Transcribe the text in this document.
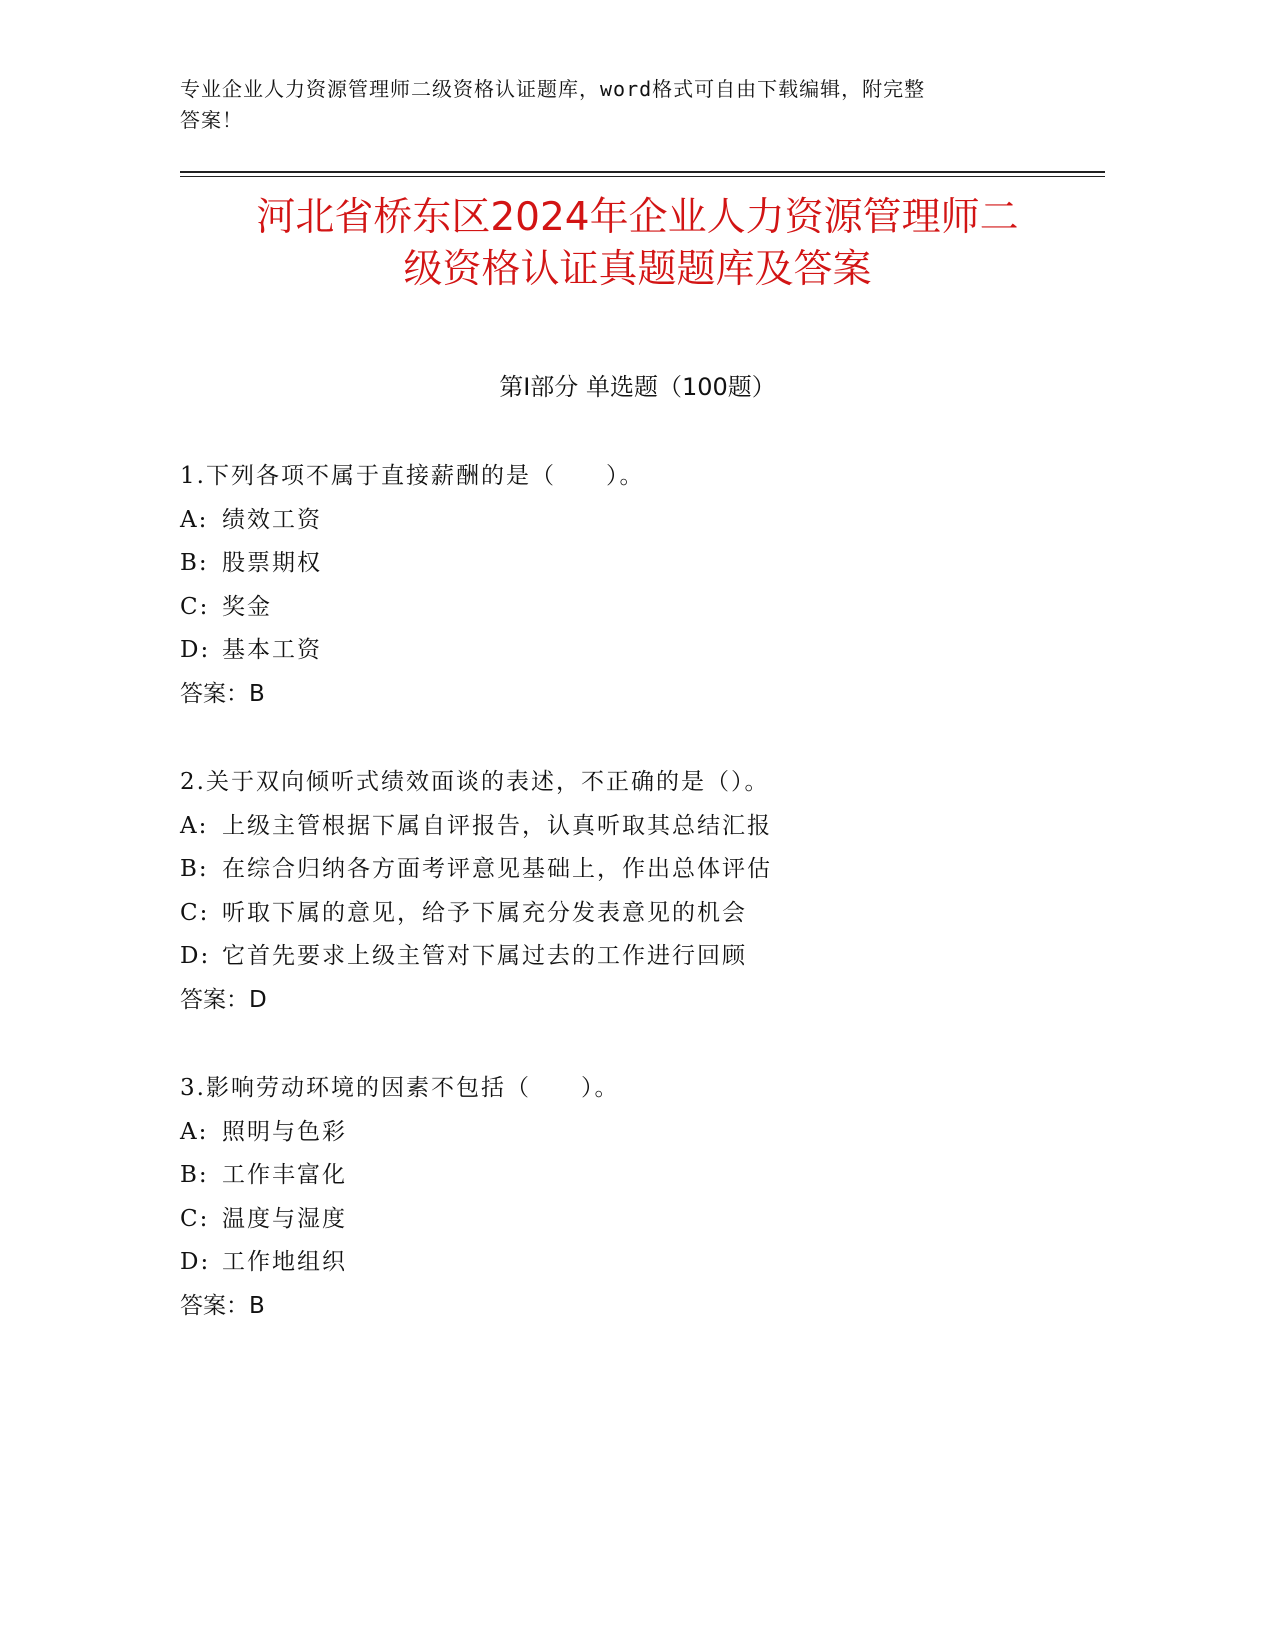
专业企业人力资源管理师二级资格认证题库，word格式可自由下载编辑，附完整
答案！
河北省桥东区2024年企业人力资源管理师二
级资格认证真题题库及答案
第Ⅰ部分 单选题（100题）
1.下列各项不属于直接薪酬的是（　　）。
A: 绩效工资
B: 股票期权
C: 奖金
D: 基本工资
答案：B
2.关于双向倾听式绩效面谈的表述，不正确的是（）。
A: 上级主管根据下属自评报告，认真听取其总结汇报
B: 在综合归纳各方面考评意见基础上，作出总体评估
C: 听取下属的意见，给予下属充分发表意见的机会
D: 它首先要求上级主管对下属过去的工作进行回顾
答案：D
3.影响劳动环境的因素不包括（　　）。
A: 照明与色彩
B: 工作丰富化
C: 温度与湿度
D: 工作地组织
答案：B
